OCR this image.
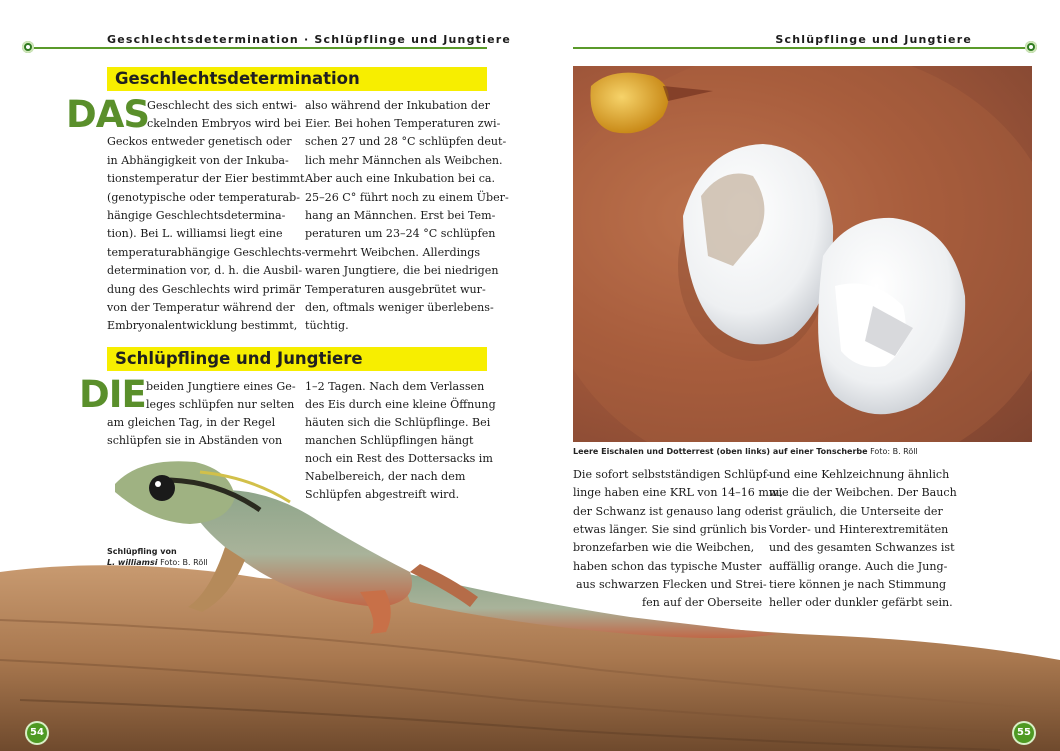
Geschlechtsdetermination · Schlüpflinge und Jungtiere	Schlüpflinge und Jungtiere
Geschlechtsdetermination
DAS
Geschlecht des sich entwi-
ckelnden Embryos wird bei
Geckos entweder genetisch oder
in Abhängigkeit von der Inkuba-
tionstemperatur der Eier bestimmt
(genotypische oder temperaturab-
hängige Geschlechtsdetermina-
tion). Bei L. williamsi liegt eine
temperaturabhängige Geschlechts-
determination vor, d. h. die Ausbil-
dung des Geschlechts wird primär
von der Temperatur während der
Embryonalentwicklung bestimmt,
also während der Inkubation der
Eier. Bei hohen Temperaturen zwi-
schen 27 und 28 °C schlüpfen deut-
lich mehr Männchen als Weibchen.
Aber auch eine Inkubation bei ca.
25–26 C° führt noch zu einem Über-
hang an Männchen. Erst bei Tem-
peraturen um 23–24 °C schlüpfen
vermehrt Weibchen. Allerdings
waren Jungtiere, die bei niedrigen
Temperaturen ausgebrütet wur-
den, oftmals weniger überlebens-
tüchtig.
Schlüpflinge und Jungtiere
DIE beiden Jungtiere eines Ge-
leges schlüpfen nur selten
am gleichen Tag, in der Regel
schlüpfen sie in Abständen von
1–2 Tagen. Nach dem Verlassen
des Eis durch eine kleine Öffnung
häuten sich die Schlüpflinge. Bei
manchen Schlüpflingen hängt
noch ein Rest des Dottersacks im
Nabelbereich, der nach dem
Schlüpfen abgestreift wird.
Leere Eischalen und Dotterrest (oben links) auf einer Tonscherbe Foto: B. Röll
Die sofort selbstständigen Schlüpf-
linge haben eine KRL von 14–16 mm,
der Schwanz ist genauso lang oder
etwas länger. Sie sind grünlich bis
bronzefarben wie die Weibchen,
haben schon das typische Muster
aus schwarzen Flecken und Strei-
fen auf der Oberseite
und eine Kehlzeichnung ähnlich
wie die der Weibchen. Der Bauch
ist gräulich, die Unterseite der
Vorder- und Hinterextremitäten
und des gesamten Schwanzes ist
auffällig orange. Auch die Jung-
tiere können je nach Stimmung
heller oder dunkler gefärbt sein.
Schlüpfling von
L. williamsi Foto: B. Röll
54	55
